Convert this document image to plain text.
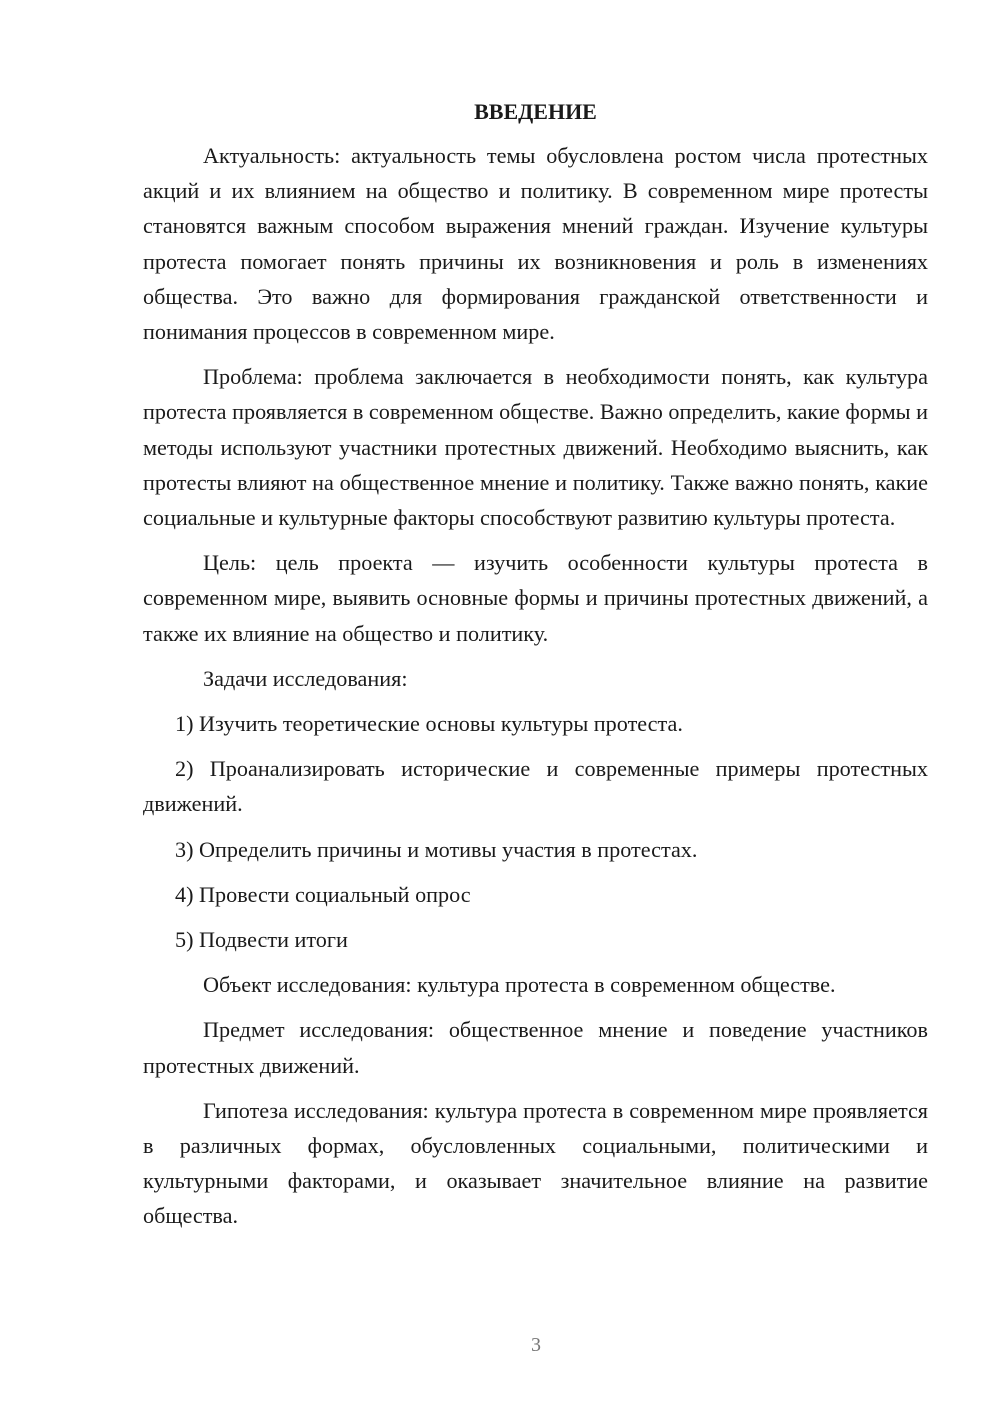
ВВЕДЕНИЕ

Актуальность: актуальность темы обусловлена ростом числа протестных акций и их влиянием на общество и политику. В современном мире протесты становятся важным способом выражения мнений граждан. Изучение культуры протеста помогает понять причины их возникновения и роль в изменениях общества. Это важно для формирования гражданской ответственности и понимания процессов в современном мире.

Проблема: проблема заключается в необходимости понять, как культура протеста проявляется в современном обществе. Важно определить, какие формы и методы используют участники протестных движений. Необходимо выяснить, как протесты влияют на общественное мнение и политику. Также важно понять, какие социальные и культурные факторы способствуют развитию культуры протеста.

Цель: цель проекта — изучить особенности культуры протеста в современном мире, выявить основные формы и причины протестных движений, а также их влияние на общество и политику.

Задачи исследования:

1) Изучить теоретические основы культуры протеста.

2) Проанализировать исторические и современные примеры протестных движений.

3) Определить причины и мотивы участия в протестах.

4) Провести социальный опрос

5) Подвести итоги

Объект исследования: культура протеста в современном обществе.

Предмет исследования: общественное мнение и поведение участников протестных движений.

Гипотеза исследования: культура протеста в современном мире проявляется в различных формах, обусловленных социальными, политическими и культурными факторами, и оказывает значительное влияние на развитие общества.

3
